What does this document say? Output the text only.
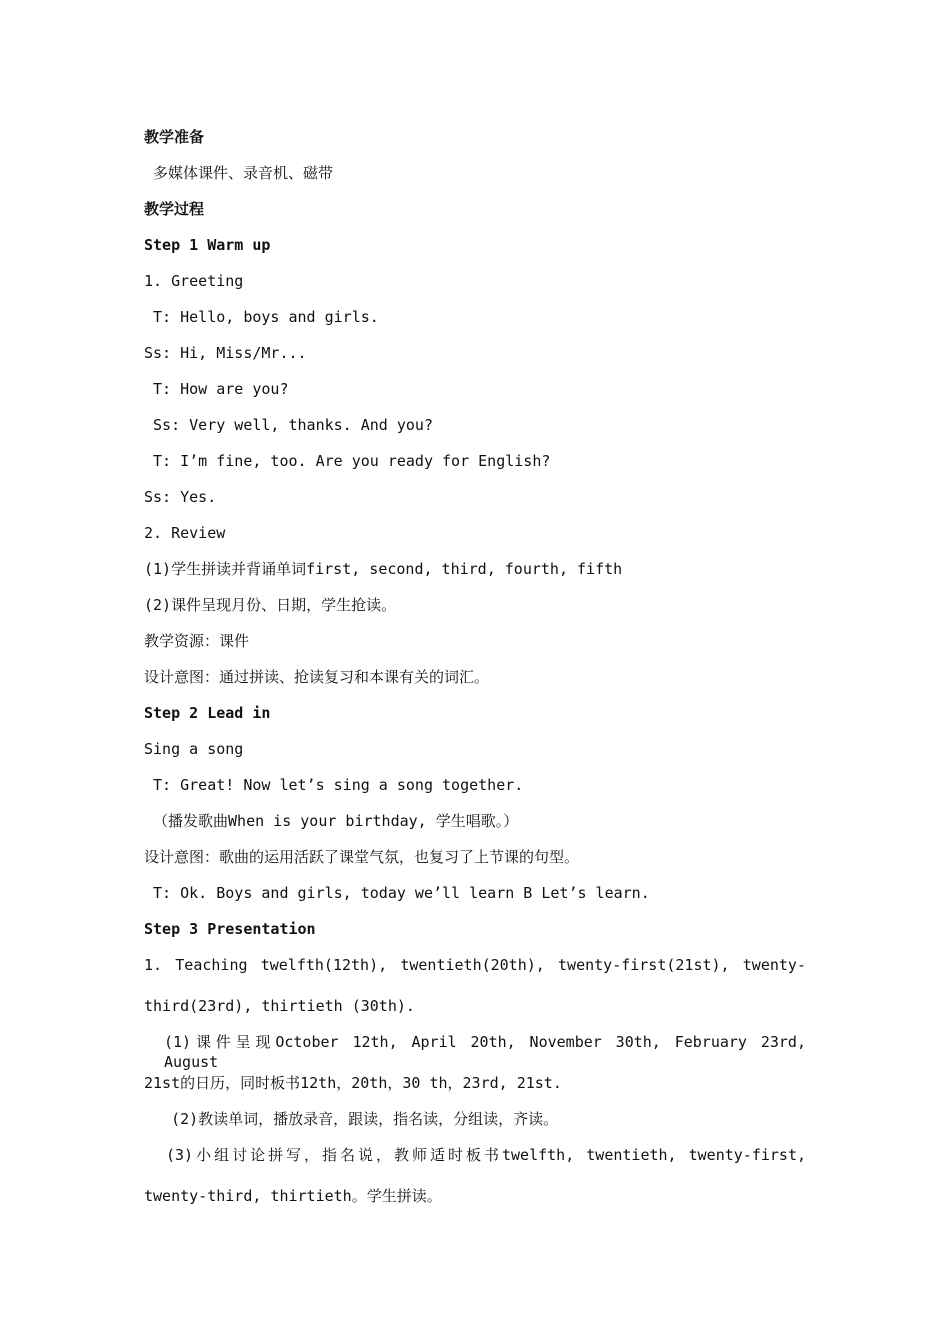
教学准备
多媒体课件、录音机、磁带
教学过程
Step 1 Warm up
1. Greeting
T: Hello, boys and girls.
Ss: Hi, Miss/Mr...
T: How are you?
Ss: Very well, thanks. And you?
T: I’m fine, too. Are you ready for English?
Ss: Yes.
2. Review
(1)学生拼读并背诵单词first, second, third, fourth, fifth
(2)课件呈现月份、日期，学生抢读。
教学资源：课件
设计意图：通过拼读、抢读复习和本课有关的词汇。
Step 2 Lead in
Sing a song
T: Great! Now let’s sing a song together.
（播发歌曲When is your birthday, 学生唱歌。）
设计意图：歌曲的运用活跃了课堂气氛，也复习了上节课的句型。
T: Ok. Boys and girls, today we’ll learn B Let’s learn.
Step 3 Presentation
1. Teaching twelfth(12th), twentieth(20th), twenty-first(21st), twenty-
third(23rd), thirtieth (30th).
(1)课件呈现October 12th, April 20th, November 30th, February 23rd, August
21st的日历，同时板书12th，20th，30 th，23rd, 21st.
(2)教读单词，播放录音，跟读，指名读，分组读，齐读。
(3)小组讨论拼写，指名说，教师适时板书twelfth, twentieth, twenty-first,
twenty-third, thirtieth。学生拼读。
